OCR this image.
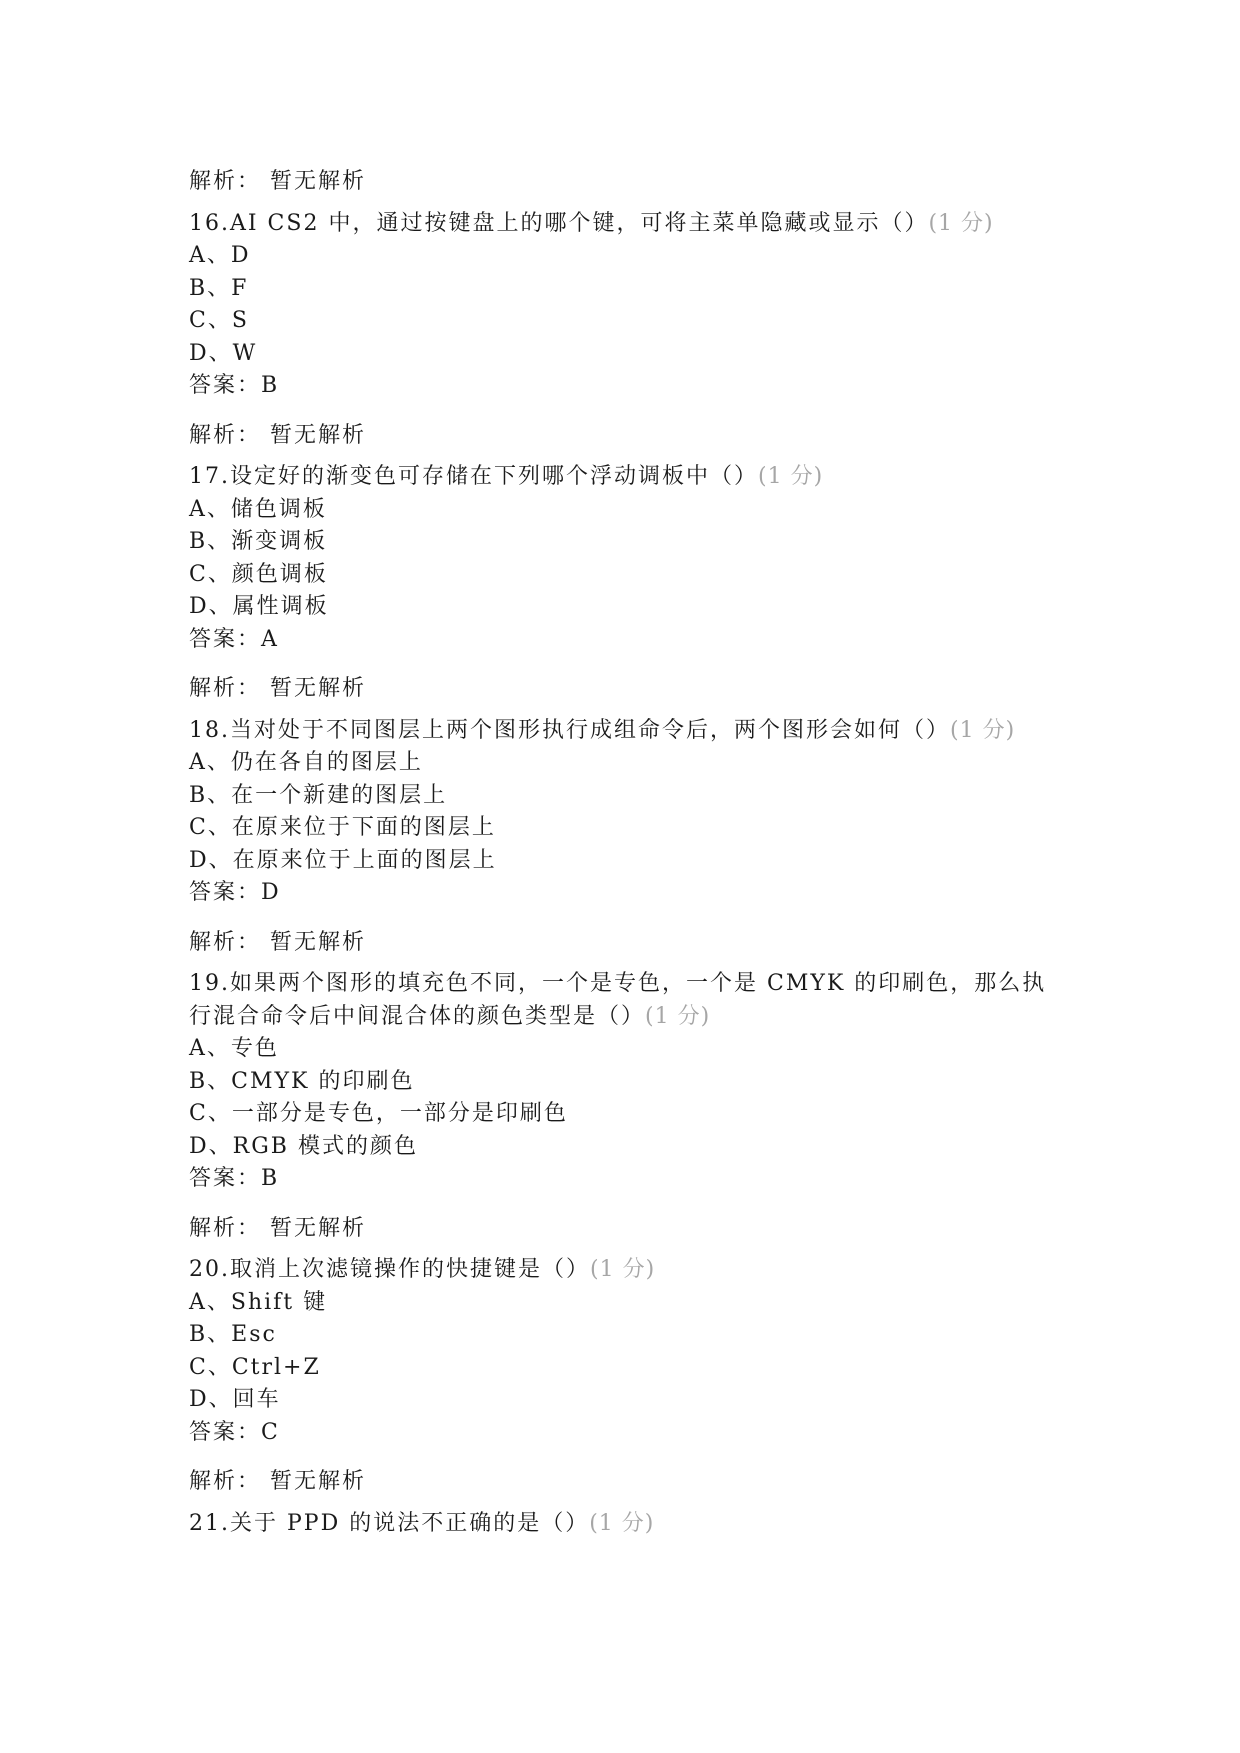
解析： 暂无解析
16.AI CS2 中，通过按键盘上的哪个键，可将主菜单隐藏或显示（）(1 分)
A、D
B、F
C、S
D、W
答案：B
解析： 暂无解析
17.设定好的渐变色可存储在下列哪个浮动调板中（）(1 分)
A、储色调板
B、渐变调板
C、颜色调板
D、属性调板
答案：A
解析： 暂无解析
18.当对处于不同图层上两个图形执行成组命令后，两个图形会如何（）(1 分)
A、仍在各自的图层上
B、在一个新建的图层上
C、在原来位于下面的图层上
D、在原来位于上面的图层上
答案：D
解析： 暂无解析
19.如果两个图形的填充色不同，一个是专色，一个是 CMYK 的印刷色，那么执
行混合命令后中间混合体的颜色类型是（）(1 分)
A、专色
B、CMYK 的印刷色
C、一部分是专色，一部分是印刷色
D、RGB 模式的颜色
答案：B
解析： 暂无解析
20.取消上次滤镜操作的快捷键是（）(1 分)
A、Shift 键
B、Esc
C、Ctrl+Z
D、回车
答案：C
解析： 暂无解析
21.关于 PPD 的说法不正确的是（）(1 分)
